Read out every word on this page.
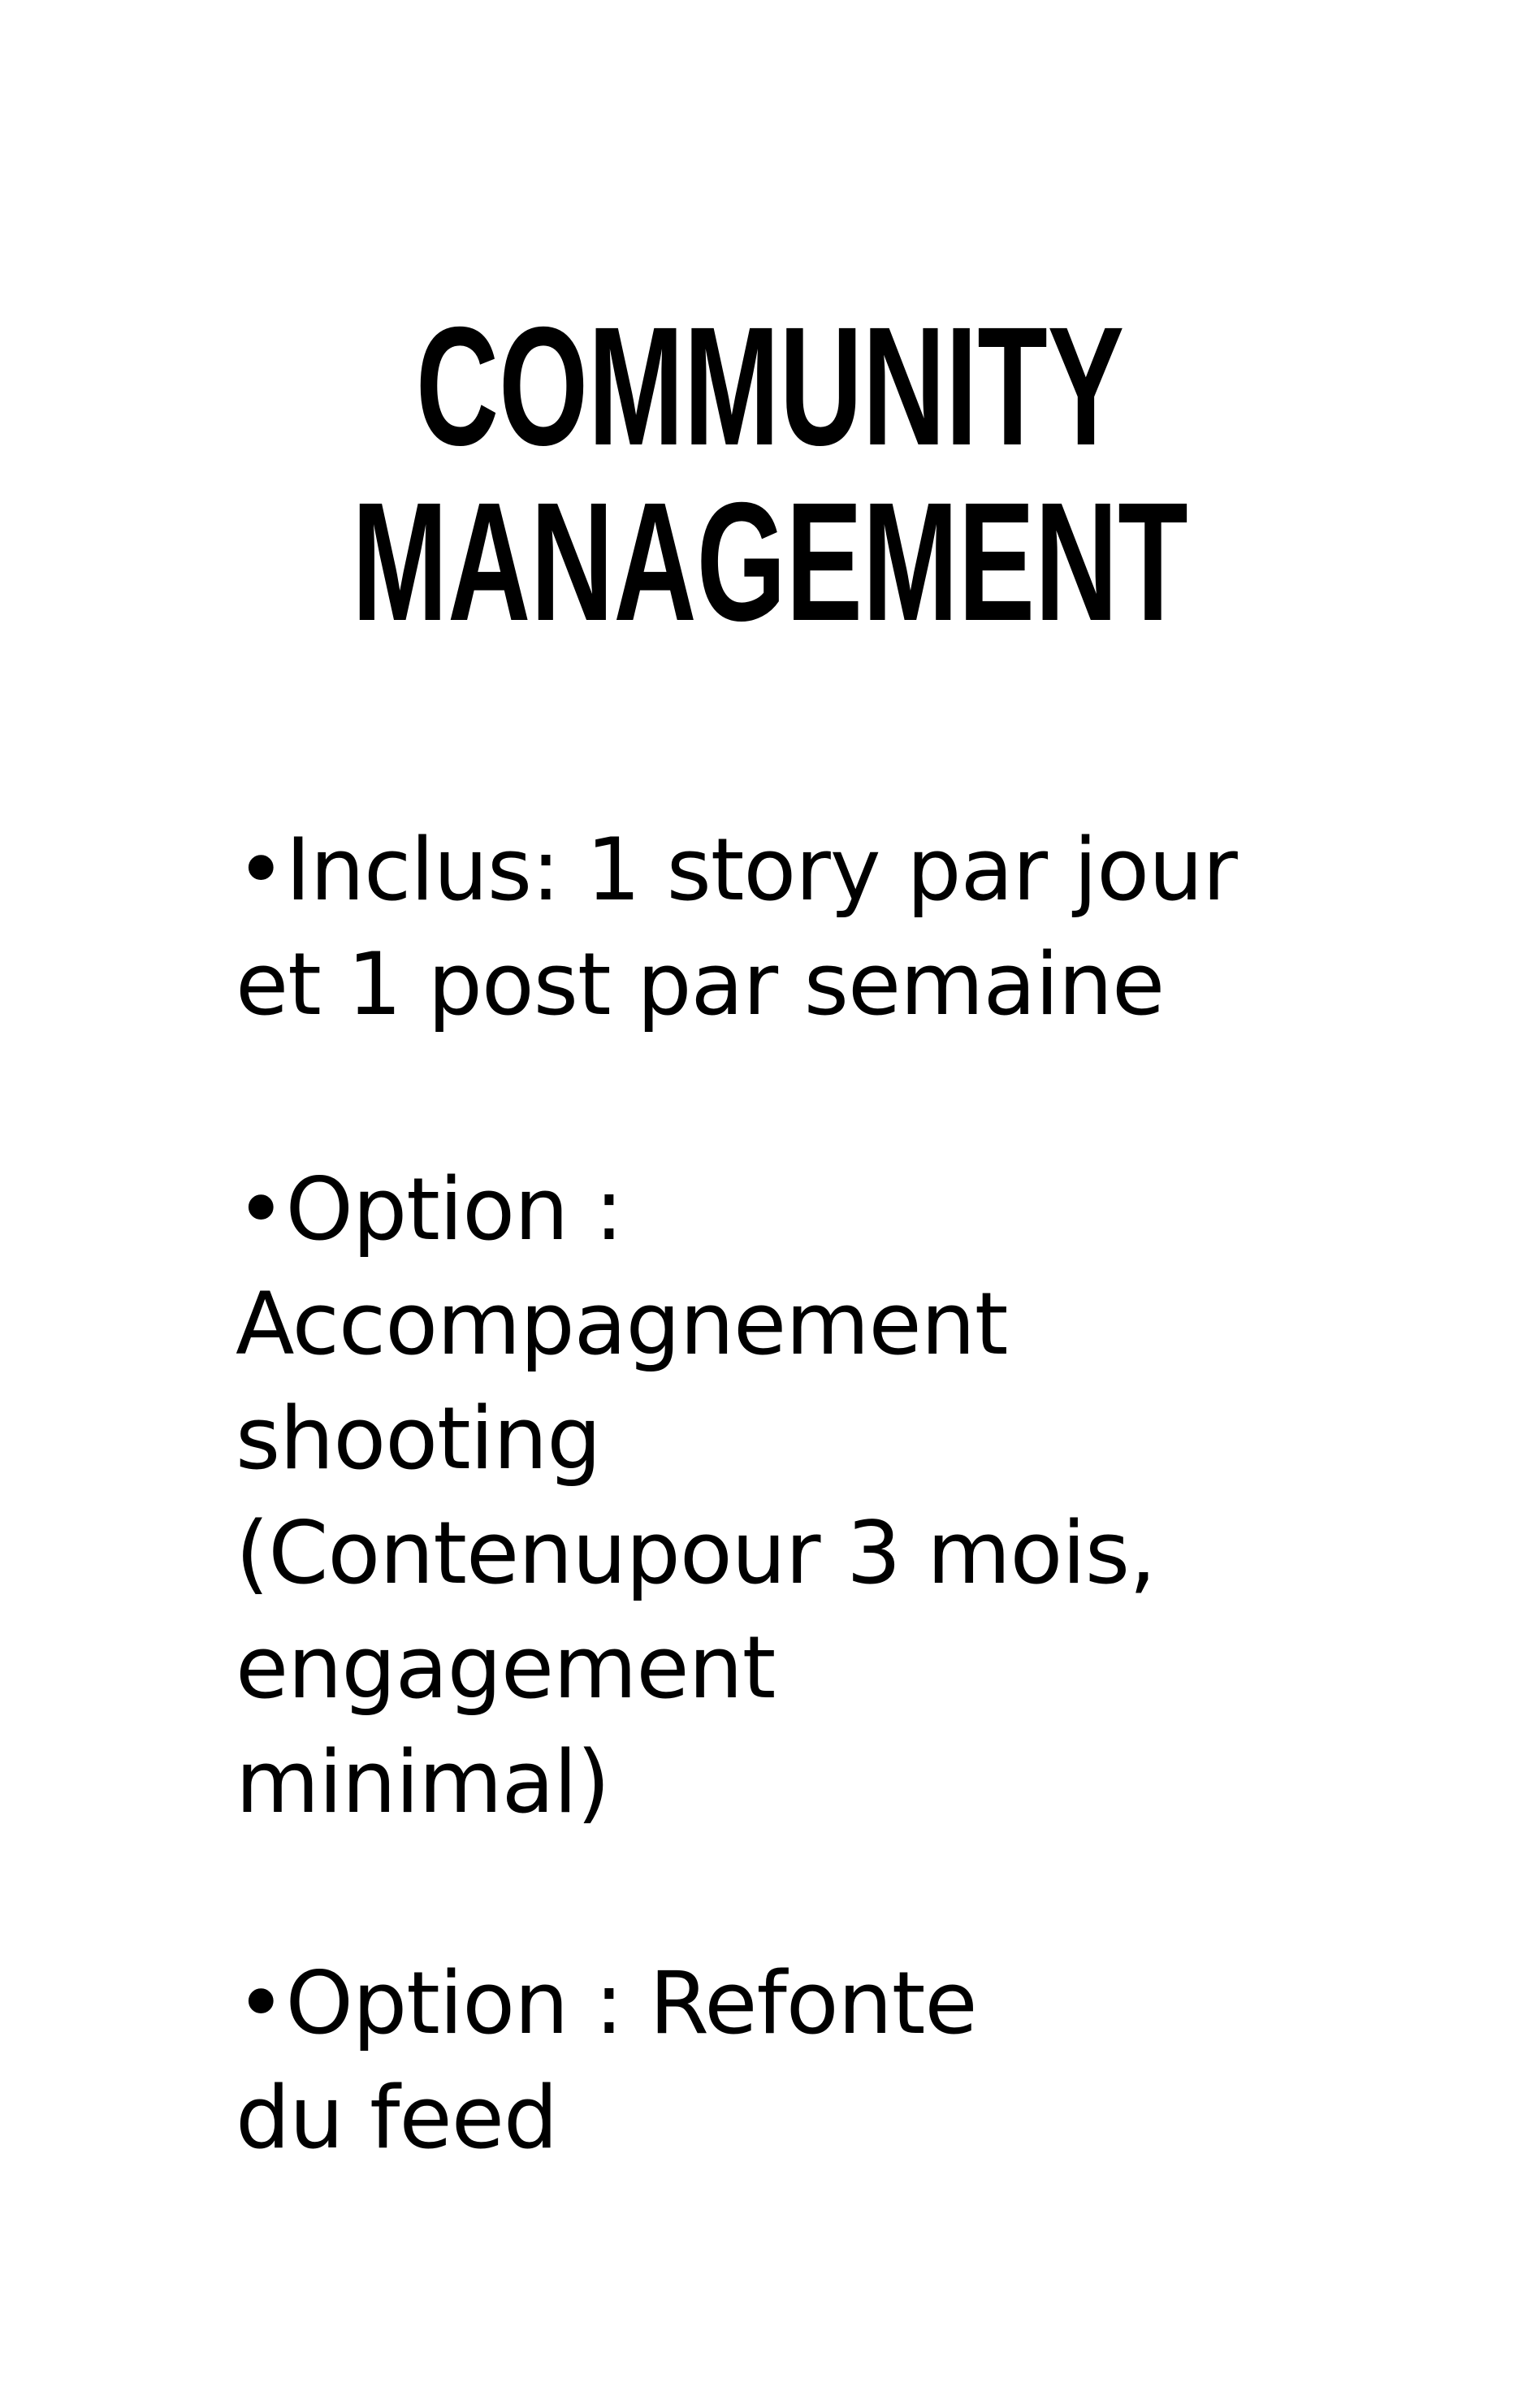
COMMUNITY
MANAGEMENT

•Inclus: 1 story par jour
et 1 post par semaine

•Option :
Accompagnement
shooting
(Contenupour 3 mois,
engagement
minimal)

•Option : Refonte
du feed
